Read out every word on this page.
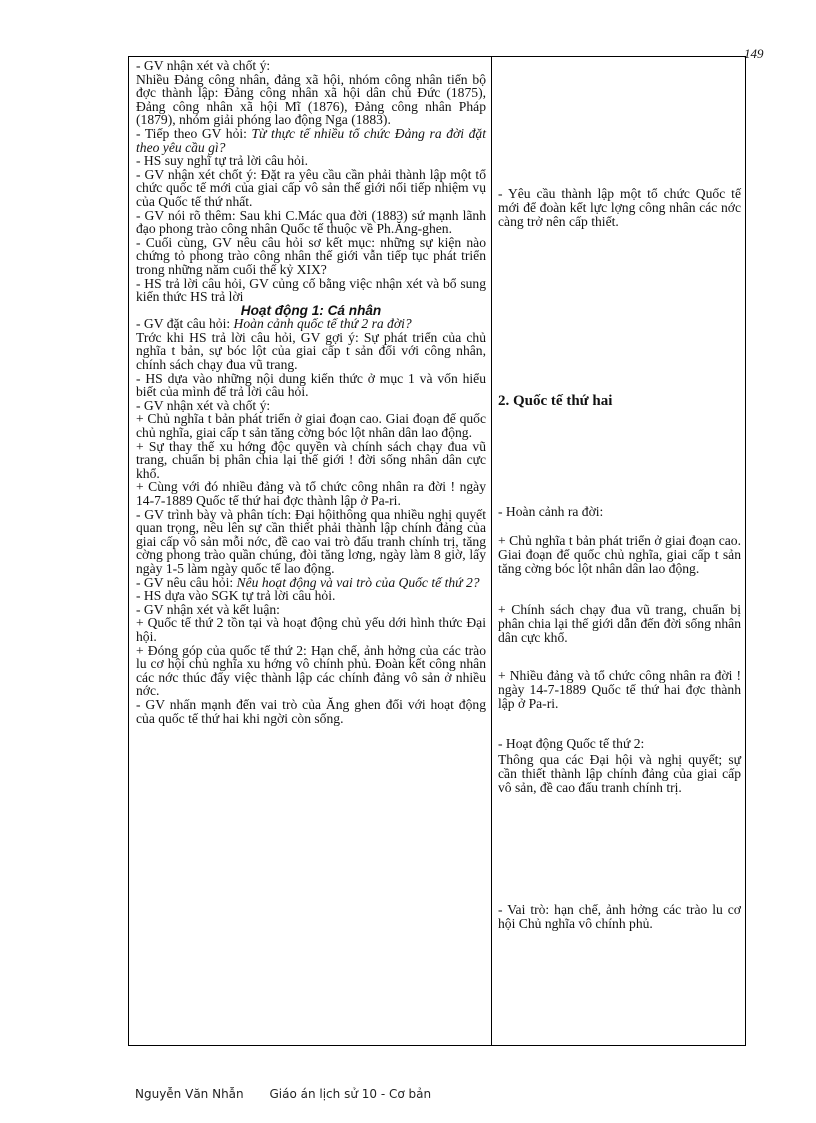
149

- GV nhận xét và chốt ý:

Nhiều Đảng công nhân, đảng xã hội, nhóm công nhân tiến bộ đợc thành lập: Đảng công nhân xã hội dân chủ Đức (1875), Đảng công nhân xã hội Mĩ (1876), Đảng công nhân Pháp (1879), nhóm giải phóng lao động Nga (1883).

- Tiếp theo GV hỏi: Từ thực tế nhiều tổ chức Đảng ra đời đặt theo yêu cầu gì?

- HS suy nghĩ tự trả lời câu hỏi.

- GV nhận xét chốt ý: Đặt ra yêu cầu cần phải thành lập một tổ chức quốc tế mới của giai cấp vô sản thế giới nối tiếp nhiệm vụ của Quốc tế thứ nhất.

- GV nói rõ thêm: Sau khi C.Mác qua đời (1883) sứ mạnh lãnh đạo phong trào công nhân Quốc tế thuộc về Ph.Ăng-ghen.

- Cuối cùng, GV nêu câu hỏi sơ kết mục: những sự kiện nào chứng tỏ phong trào công nhân thế giới vẫn tiếp tục phát triển trong những năm cuối thế kỷ XIX?

- HS trả lời câu hỏi, GV củng cố bằng việc nhận xét và bổ sung kiến thức HS trả lời

Hoạt động 1: Cá nhân

- GV đặt câu hỏi: Hoàn cảnh quốc tế thứ 2 ra đời?

Trớc khi HS trả lời câu hỏi, GV gợi ý: Sự phát triển của chủ nghĩa t bản, sự bóc lột của giai cấp t sản đối với công nhân, chính sách chạy đua vũ trang.

- HS dựa vào những nội dung kiến thức ở mục 1 và vốn hiểu biết của mình để trả lời câu hỏi.

- GV nhận xét và chốt ý:

+ Chủ nghĩa t bản phát triển ở giai đoạn cao. Giai đoạn đế quốc chủ nghĩa, giai cấp t sản tăng cờng bóc lột nhân dân lao động.

+ Sự thay thế xu hớng độc quyền và chính sách chạy đua vũ trang, chuẩn bị phân chia lại thế giới ! đời sống nhân dân cực khổ.

+ Cùng với đó nhiều đảng và tổ chức công nhân ra đời ! ngày 14-7-1889 Quốc tế thứ hai đợc thành lập ở Pa-ri.

- GV trình bày và phân tích: Đại hộithông qua nhiều nghị quyết quan trọng, nêu lên sự cần thiết phải thành lập chính đảng của giai cấp vô sản mỗi nớc, đề cao vai trò đấu tranh chính trị, tăng cờng phong trào quần chúng, đòi tăng lơng, ngày làm 8 giờ, lấy ngày 1-5 làm ngày quốc tế lao động.

- GV nêu câu hỏi: Nêu hoạt động và vai trò của Quốc tế thứ 2?

- HS dựa vào SGK tự trả lời câu hỏi.

- GV nhận xét và kết luận:

+ Quốc tế thứ 2 tồn tại và hoạt động chủ yếu dới hình thức Đại hội.

+ Đóng góp của quốc tế thứ 2: Hạn chế, ảnh hởng của các trào lu cơ hội chủ nghĩa xu hớng vô chính phủ. Đoàn kết công nhân các nớc thúc đẩy việc thành lập các chính đảng vô sản ở nhiều nớc.

- GV nhấn mạnh đến vai trò của Ăng ghen đối với hoạt động của quốc tế thứ hai khi ngời còn sống.

- Yêu cầu thành lập một tổ chức Quốc tế mới để đoàn kết lực lợng công nhân các nớc càng trở nên cấp thiết.

2. Quốc tế thứ hai

- Hoàn cảnh ra đời:

+ Chủ nghĩa t bản phát triển ở giai đoạn cao. Giai đoạn đế quốc chủ nghĩa, giai cấp t sản tăng cờng bóc lột nhân dân lao động.

+ Chính sách chạy đua vũ trang, chuẩn bị phân chia lại thế giới dẫn đến đời sống nhân dân cực khổ.

+ Nhiều đảng và tổ chức công nhân ra đời ! ngày 14-7-1889 Quốc tế thứ hai đợc thành lập ở Pa-ri.

- Hoạt động Quốc tế thứ 2:

Thông qua các Đại hội và nghị quyết; sự cần thiết thành lập chính đảng của giai cấp vô sản, đề cao đấu tranh chính trị.

- Vai trò: hạn chế, ảnh hởng các trào lu cơ hội Chủ nghĩa vô chính phủ.

Nguyễn Văn Nhẫn Giáo án lịch sử 10 - Cơ bản
